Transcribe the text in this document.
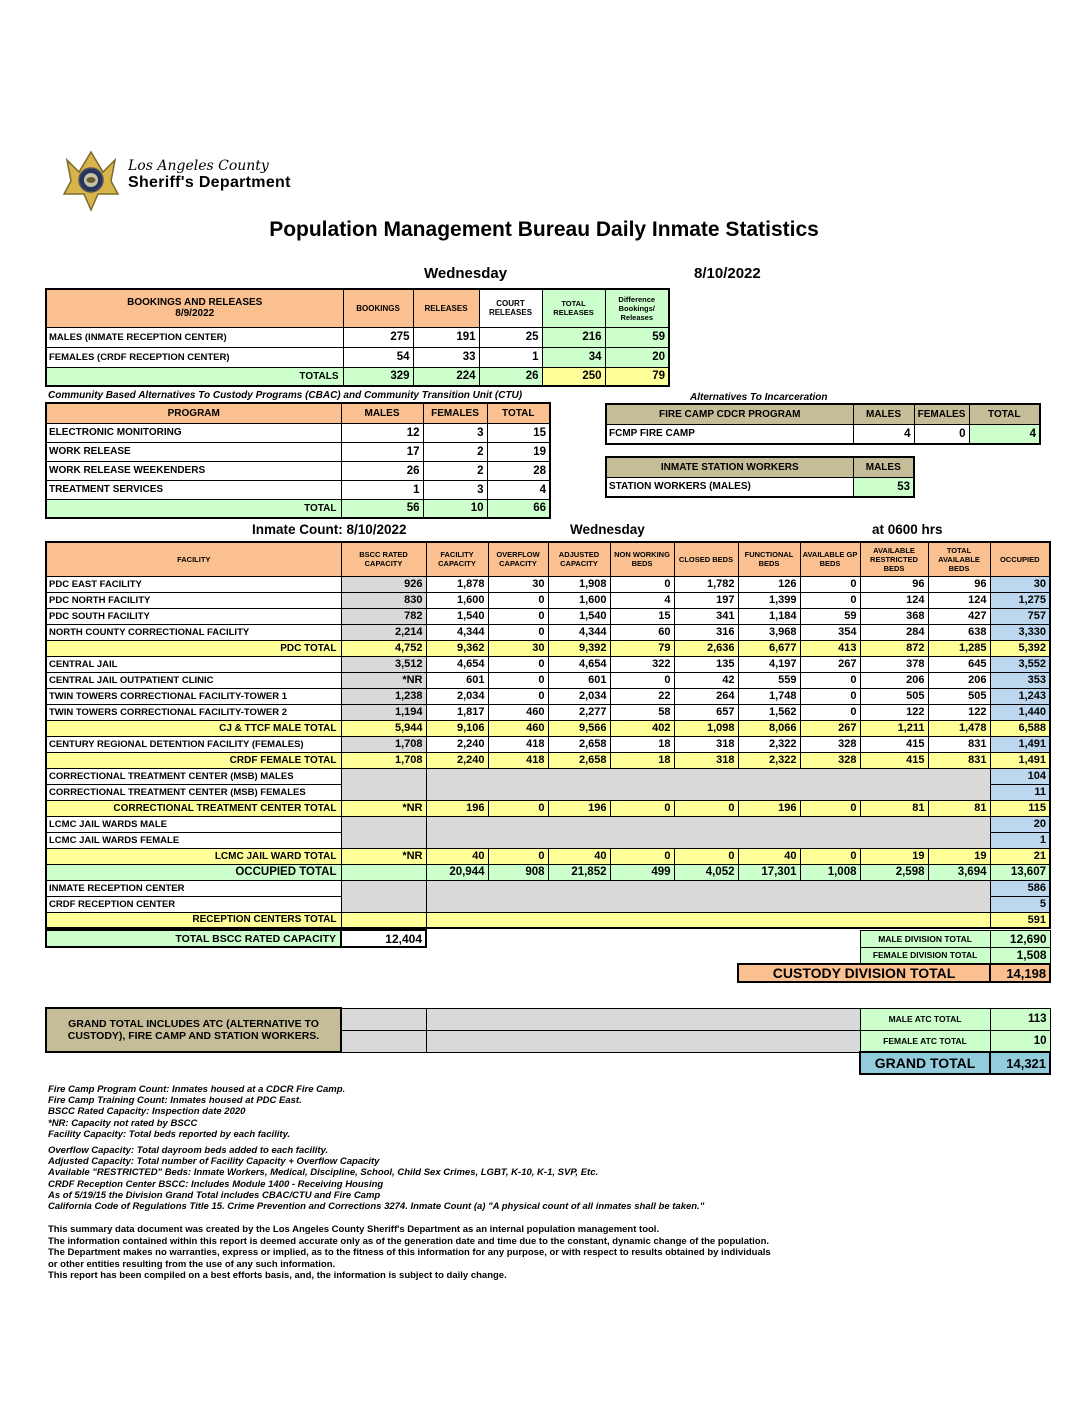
Los Angeles County
Sheriff's Department
Population Management Bureau Daily Inmate Statistics
Wednesday	8/10/2022
BOOKINGS AND RELEASES
8/9/2022	BOOKINGS	RELEASES	COURT RELEASES	TOTAL RELEASES	Difference Bookings/ Releases
MALES (INMATE RECEPTION CENTER)	275	191	25	216	59
FEMALES (CRDF RECEPTION CENTER)	54	33	1	34	20
TOTALS	329	224	26	250	79
Community Based Alternatives To Custody Programs (CBAC) and Community Transition Unit (CTU)
PROGRAM	MALES	FEMALES	TOTAL
ELECTRONIC MONITORING	12	3	15
WORK RELEASE	17	2	19
WORK RELEASE WEEKENDERS	26	2	28
TREATMENT SERVICES	1	3	4
TOTAL	56	10	66
Alternatives To Incarceration
FIRE CAMP CDCR PROGRAM	MALES	FEMALES	TOTAL
FCMP FIRE CAMP	4	0	4
INMATE STATION WORKERS	MALES
STATION WORKERS (MALES)	53
Inmate Count: 8/10/2022	Wednesday	at 0600 hrs
FACILITY	BSCC RATED CAPACITY	FACILITY CAPACITY	OVERFLOW CAPACITY	ADJUSTED CAPACITY	NON WORKING BEDS	CLOSED BEDS	FUNCTIONAL BEDS	AVAILABLE GP BEDS	AVAILABLE RESTRICTED BEDS	TOTAL AVAILABLE BEDS	OCCUPIED
PDC EAST FACILITY	926	1,878	30	1,908	0	1,782	126	0	96	96	30
PDC NORTH FACILITY	830	1,600	0	1,600	4	197	1,399	0	124	124	1,275
PDC SOUTH FACILITY	782	1,540	0	1,540	15	341	1,184	59	368	427	757
NORTH COUNTY CORRECTIONAL FACILITY	2,214	4,344	0	4,344	60	316	3,968	354	284	638	3,330
PDC TOTAL	4,752	9,362	30	9,392	79	2,636	6,677	413	872	1,285	5,392
CENTRAL JAIL	3,512	4,654	0	4,654	322	135	4,197	267	378	645	3,552
CENTRAL JAIL OUTPATIENT CLINIC	*NR	601	0	601	0	42	559	0	206	206	353
TWIN TOWERS CORRECTIONAL FACILITY-TOWER 1	1,238	2,034	0	2,034	22	264	1,748	0	505	505	1,243
TWIN TOWERS CORRECTIONAL FACILITY-TOWER 2	1,194	1,817	460	2,277	58	657	1,562	0	122	122	1,440
CJ & TTCF MALE TOTAL	5,944	9,106	460	9,566	402	1,098	8,066	267	1,211	1,478	6,588
CENTURY REGIONAL DETENTION FACILITY (FEMALES)	1,708	2,240	418	2,658	18	318	2,322	328	415	831	1,491
CRDF FEMALE TOTAL	1,708	2,240	418	2,658	18	318	2,322	328	415	831	1,491
CORRECTIONAL TREATMENT CENTER (MSB) MALES											104
CORRECTIONAL TREATMENT CENTER (MSB) FEMALES											11
CORRECTIONAL TREATMENT CENTER TOTAL	*NR	196	0	196	0	0	196	0	81	81	115
LCMC JAIL WARDS MALE											20
LCMC JAIL WARDS FEMALE											1
LCMC JAIL WARD TOTAL	*NR	40	0	40	0	0	40	0	19	19	21
OCCUPIED TOTAL		20,944	908	21,852	499	4,052	17,301	1,008	2,598	3,694	13,607
INMATE RECEPTION CENTER											586
CRDF RECEPTION CENTER											5
RECEPTION CENTERS TOTAL											591
TOTAL BSCC RATED CAPACITY	12,404			MALE DIVISION TOTAL	12,690
				FEMALE DIVISION TOTAL	1,508
			CUSTODY DIVISION TOTAL		14,198
GRAND TOTAL INCLUDES ATC (ALTERNATIVE TO
CUSTODY), FIRE CAMP AND STATION WORKERS.			MALE ATC TOTAL	113
			FEMALE ATC TOTAL	10
			GRAND TOTAL	14,321
Fire Camp Program Count: Inmates housed at a CDCR Fire Camp.
Fire Camp Training Count: Inmates housed at PDC East.
BSCC Rated Capacity: Inspection date 2020
*NR: Capacity not rated by BSCC
Facility Capacity: Total beds reported by each facility.
Overflow Capacity: Total dayroom beds added to each facility.
Adjusted Capacity: Total number of Facility Capacity + Overflow Capacity
Available "RESTRICTED" Beds: Inmate Workers, Medical, Discipline, School, Child Sex Crimes, LGBT, K-10, K-1, SVP, Etc.
CRDF Reception Center BSCC: Includes Module 1400 - Receiving Housing
As of 5/19/15 the Division Grand Total includes CBAC/CTU and Fire Camp
California Code of Regulations Title 15. Crime Prevention and Corrections 3274. Inmate Count (a) "A physical count of all inmates shall be taken."
This summary data document was created by the Los Angeles County Sheriff's Department as an internal population management tool.
The information contained within this report is deemed accurate only as of the generation date and time due to the constant, dynamic change of the population.
The Department makes no warranties, express or implied, as to the fitness of this information for any purpose, or with respect to results obtained by individuals
or other entities resulting from the use of any such information.
This report has been compiled on a best efforts basis, and, the information is subject to daily change.
